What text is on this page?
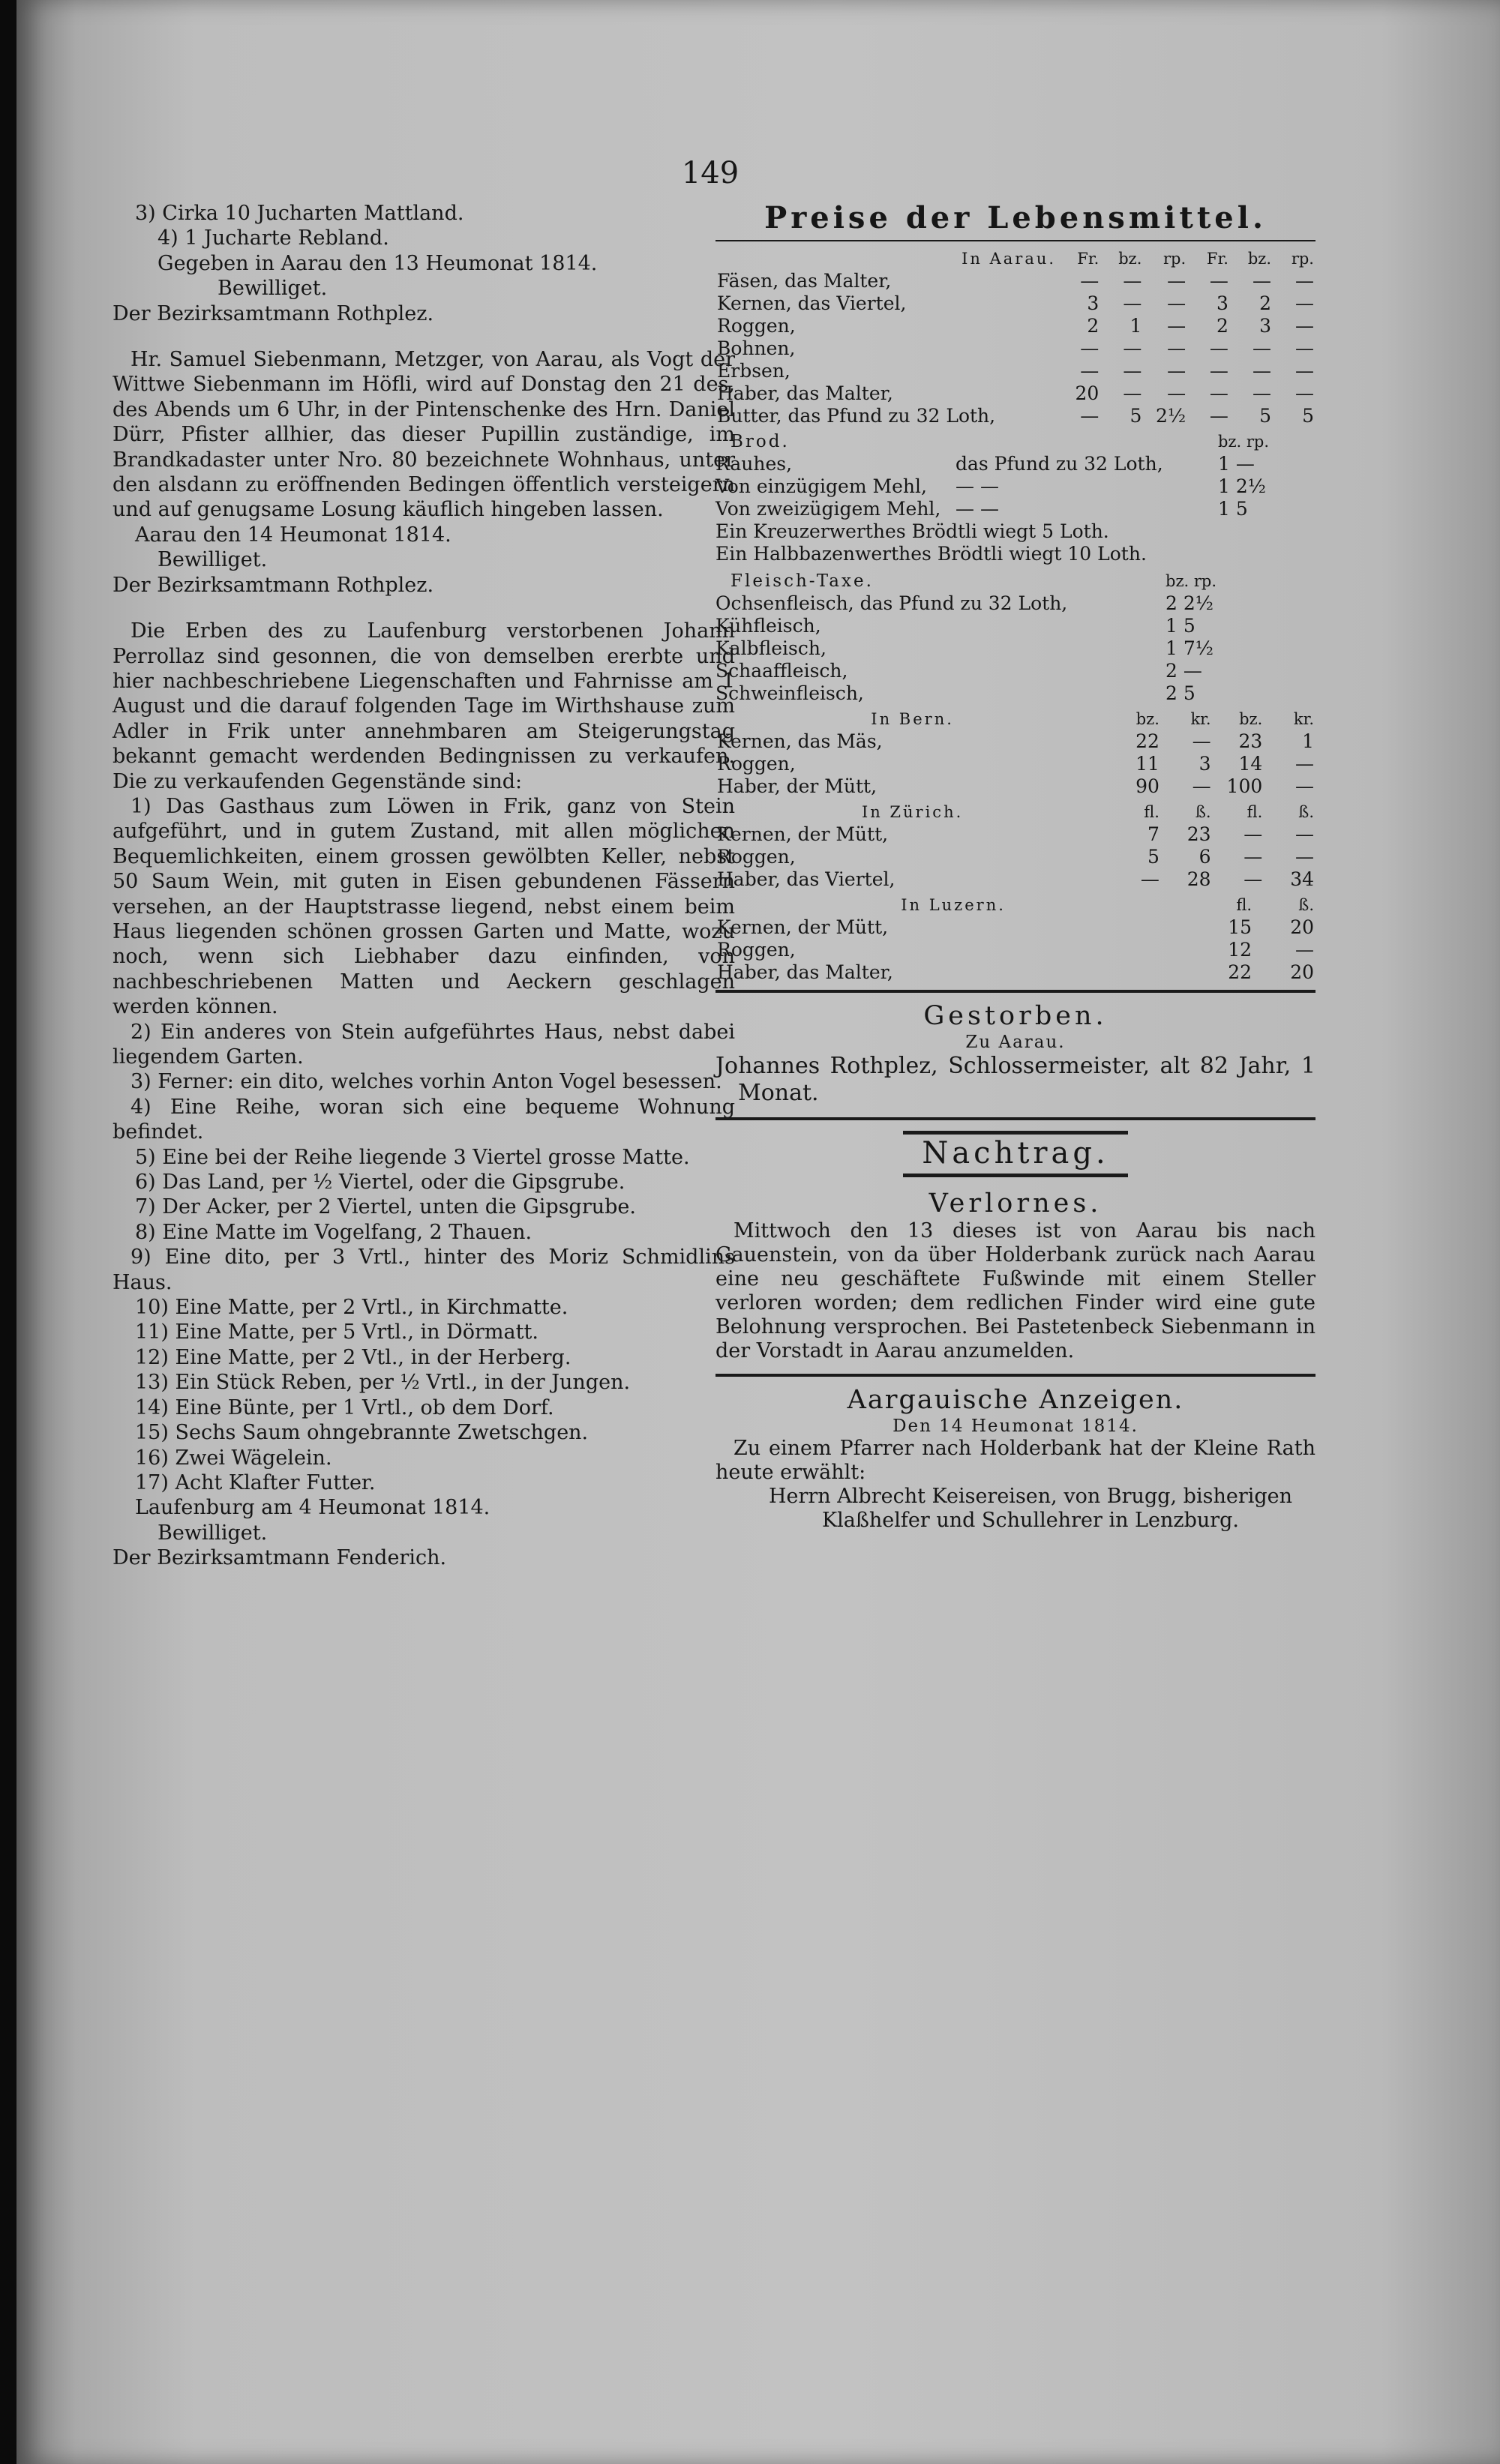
149

3) Cirka 10 Jucharten Mattland.

4) 1 Jucharte Rebland.

Gegeben in Aarau den 13 Heumonat 1814.

Bewilliget.

Der Bezirksamtmann Rothplez.

Hr. Samuel Siebenmann, Metzger, von Aarau, als Vogt der Wittwe Siebenmann im Höfli, wird auf Donstag den 21 des, des Abends um 6 Uhr, in der Pintenschenke des Hrn. Daniel Dürr, Pfister allhier, das dieser Pupillin zuständige, im Brandkadaster unter Nro. 80 bezeichnete Wohnhaus, unter den alsdann zu eröffnenden Bedingen öffentlich versteigern und auf genugsame Losung käuflich hingeben lassen.

Aarau den 14 Heumonat 1814.

Bewilliget.

Der Bezirksamtmann Rothplez.

Die Erben des zu Laufenburg verstorbenen Johann Perrollaz sind gesonnen, die von demselben ererbte und hier nachbeschriebene Liegenschaften und Fahrnisse am 1 August und die darauf folgenden Tage im Wirthshause zum Adler in Frik unter annehmbaren am Steigerungstag bekannt gemacht werdenden Bedingnissen zu verkaufen. Die zu verkaufenden Gegenstände sind:

1) Das Gasthaus zum Löwen in Frik, ganz von Stein aufgeführt, und in gutem Zustand, mit allen möglichen Bequemlichkeiten, einem grossen gewölbten Keller, nebst 50 Saum Wein, mit guten in Eisen gebundenen Fässern versehen, an der Hauptstrasse liegend, nebst einem beim Haus liegenden schönen grossen Garten und Matte, wozu noch, wenn sich Liebhaber dazu einfinden, von nachbeschriebenen Matten und Aeckern geschlagen werden können.

2) Ein anderes von Stein aufgeführtes Haus, nebst dabei liegendem Garten.

3) Ferner: ein dito, welches vorhin Anton Vogel besessen.

4) Eine Reihe, woran sich eine bequeme Wohnung befindet.

5) Eine bei der Reihe liegende 3 Viertel grosse Matte.

6) Das Land, per ½ Viertel, oder die Gipsgrube.

7) Der Acker, per 2 Viertel, unten die Gipsgrube.

8) Eine Matte im Vogelfang, 2 Thauen.

9) Eine dito, per 3 Vrtl., hinter des Moriz Schmidlins Haus.

10) Eine Matte, per 2 Vrtl., in Kirchmatte.

11) Eine Matte, per 5 Vrtl., in Dörmatt.

12) Eine Matte, per 2 Vtl., in der Herberg.

13) Ein Stück Reben, per ½ Vrtl., in der Jungen.

14) Eine Bünte, per 1 Vrtl., ob dem Dorf.

15) Sechs Saum ohngebrannte Zwetschgen.

16) Zwei Wägelein.

17) Acht Klafter Futter.

Laufenburg am 4 Heumonat 1814.

Bewilliget.

Der Bezirksamtmann Fenderich.

Preise der Lebensmittel.
In Aarau.	Fr.	bz.	rp.	Fr.	bz.	rp.
Fäsen, das Malter,	—	—	—	—	—	—
Kernen, das Viertel,	3	—	—	3	2	—
Roggen,	2	1	—	2	3	—
Bohnen,	—	—	—	—	—	—
Erbsen,	—	—	—	—	—	—
Haber, das Malter,	20	—	—	—	—	—
Butter, das Pfund zu 32 Loth,	—	5	2½	—	5	5
Brod.	bz. rp.
Rauhes,	das Pfund zu 32 Loth,	1 —
Von einzügigem Mehl,	— —	1 2½
Von zweizügigem Mehl, — —	1 5

Ein Kreuzerwerthes Brödtli wiegt 5 Loth.

Ein Halbbazenwerthes Brödtli wiegt 10 Loth.

Fleisch-Taxe.	bz. rp.
Ochsenfleisch, das Pfund zu 32 Loth,	2 2½
Kühfleisch,	1 5
Kalbfleisch,	1 7½
Schaaffleisch,	2 —
Schweinfleisch,	2 5
In Bern.	bz.	kr.	bz.	kr.
Kernen, das Mäs,	22	—	23	1
Roggen,	11	3	14	—
Haber, der Mütt,	90	—	100	—
In Zürich.	fl.	ß.	fl.	ß.
Kernen, der Mütt,	7	23	—	—
Roggen,	5	6	—	—
Haber, das Viertel,	—	28	—	34
In Luzern.	fl.	ß.
Kernen, der Mütt,	15	20
Roggen,	12	—
Haber, das Malter,	22	20
Gestorben.
Zu Aarau.

Johannes Rothplez, Schlossermeister, alt 82 Jahr, 1 Monat.

Nachtrag.
Verlornes.

Mittwoch den 13 dieses ist von Aarau bis nach Gauenstein, von da über Holderbank zurück nach Aarau eine neu geschäftete Fußwinde mit einem Steller verloren worden; dem redlichen Finder wird eine gute Belohnung versprochen. Bei Pastetenbeck Siebenmann in der Vorstadt in Aarau anzumelden.

Aargauische Anzeigen.
Den 14 Heumonat 1814.

Zu einem Pfarrer nach Holderbank hat der Kleine Rath heute erwählt:

Herrn Albrecht Keisereisen, von Brugg, bisherigen Klaßhelfer und Schullehrer in Lenzburg.
